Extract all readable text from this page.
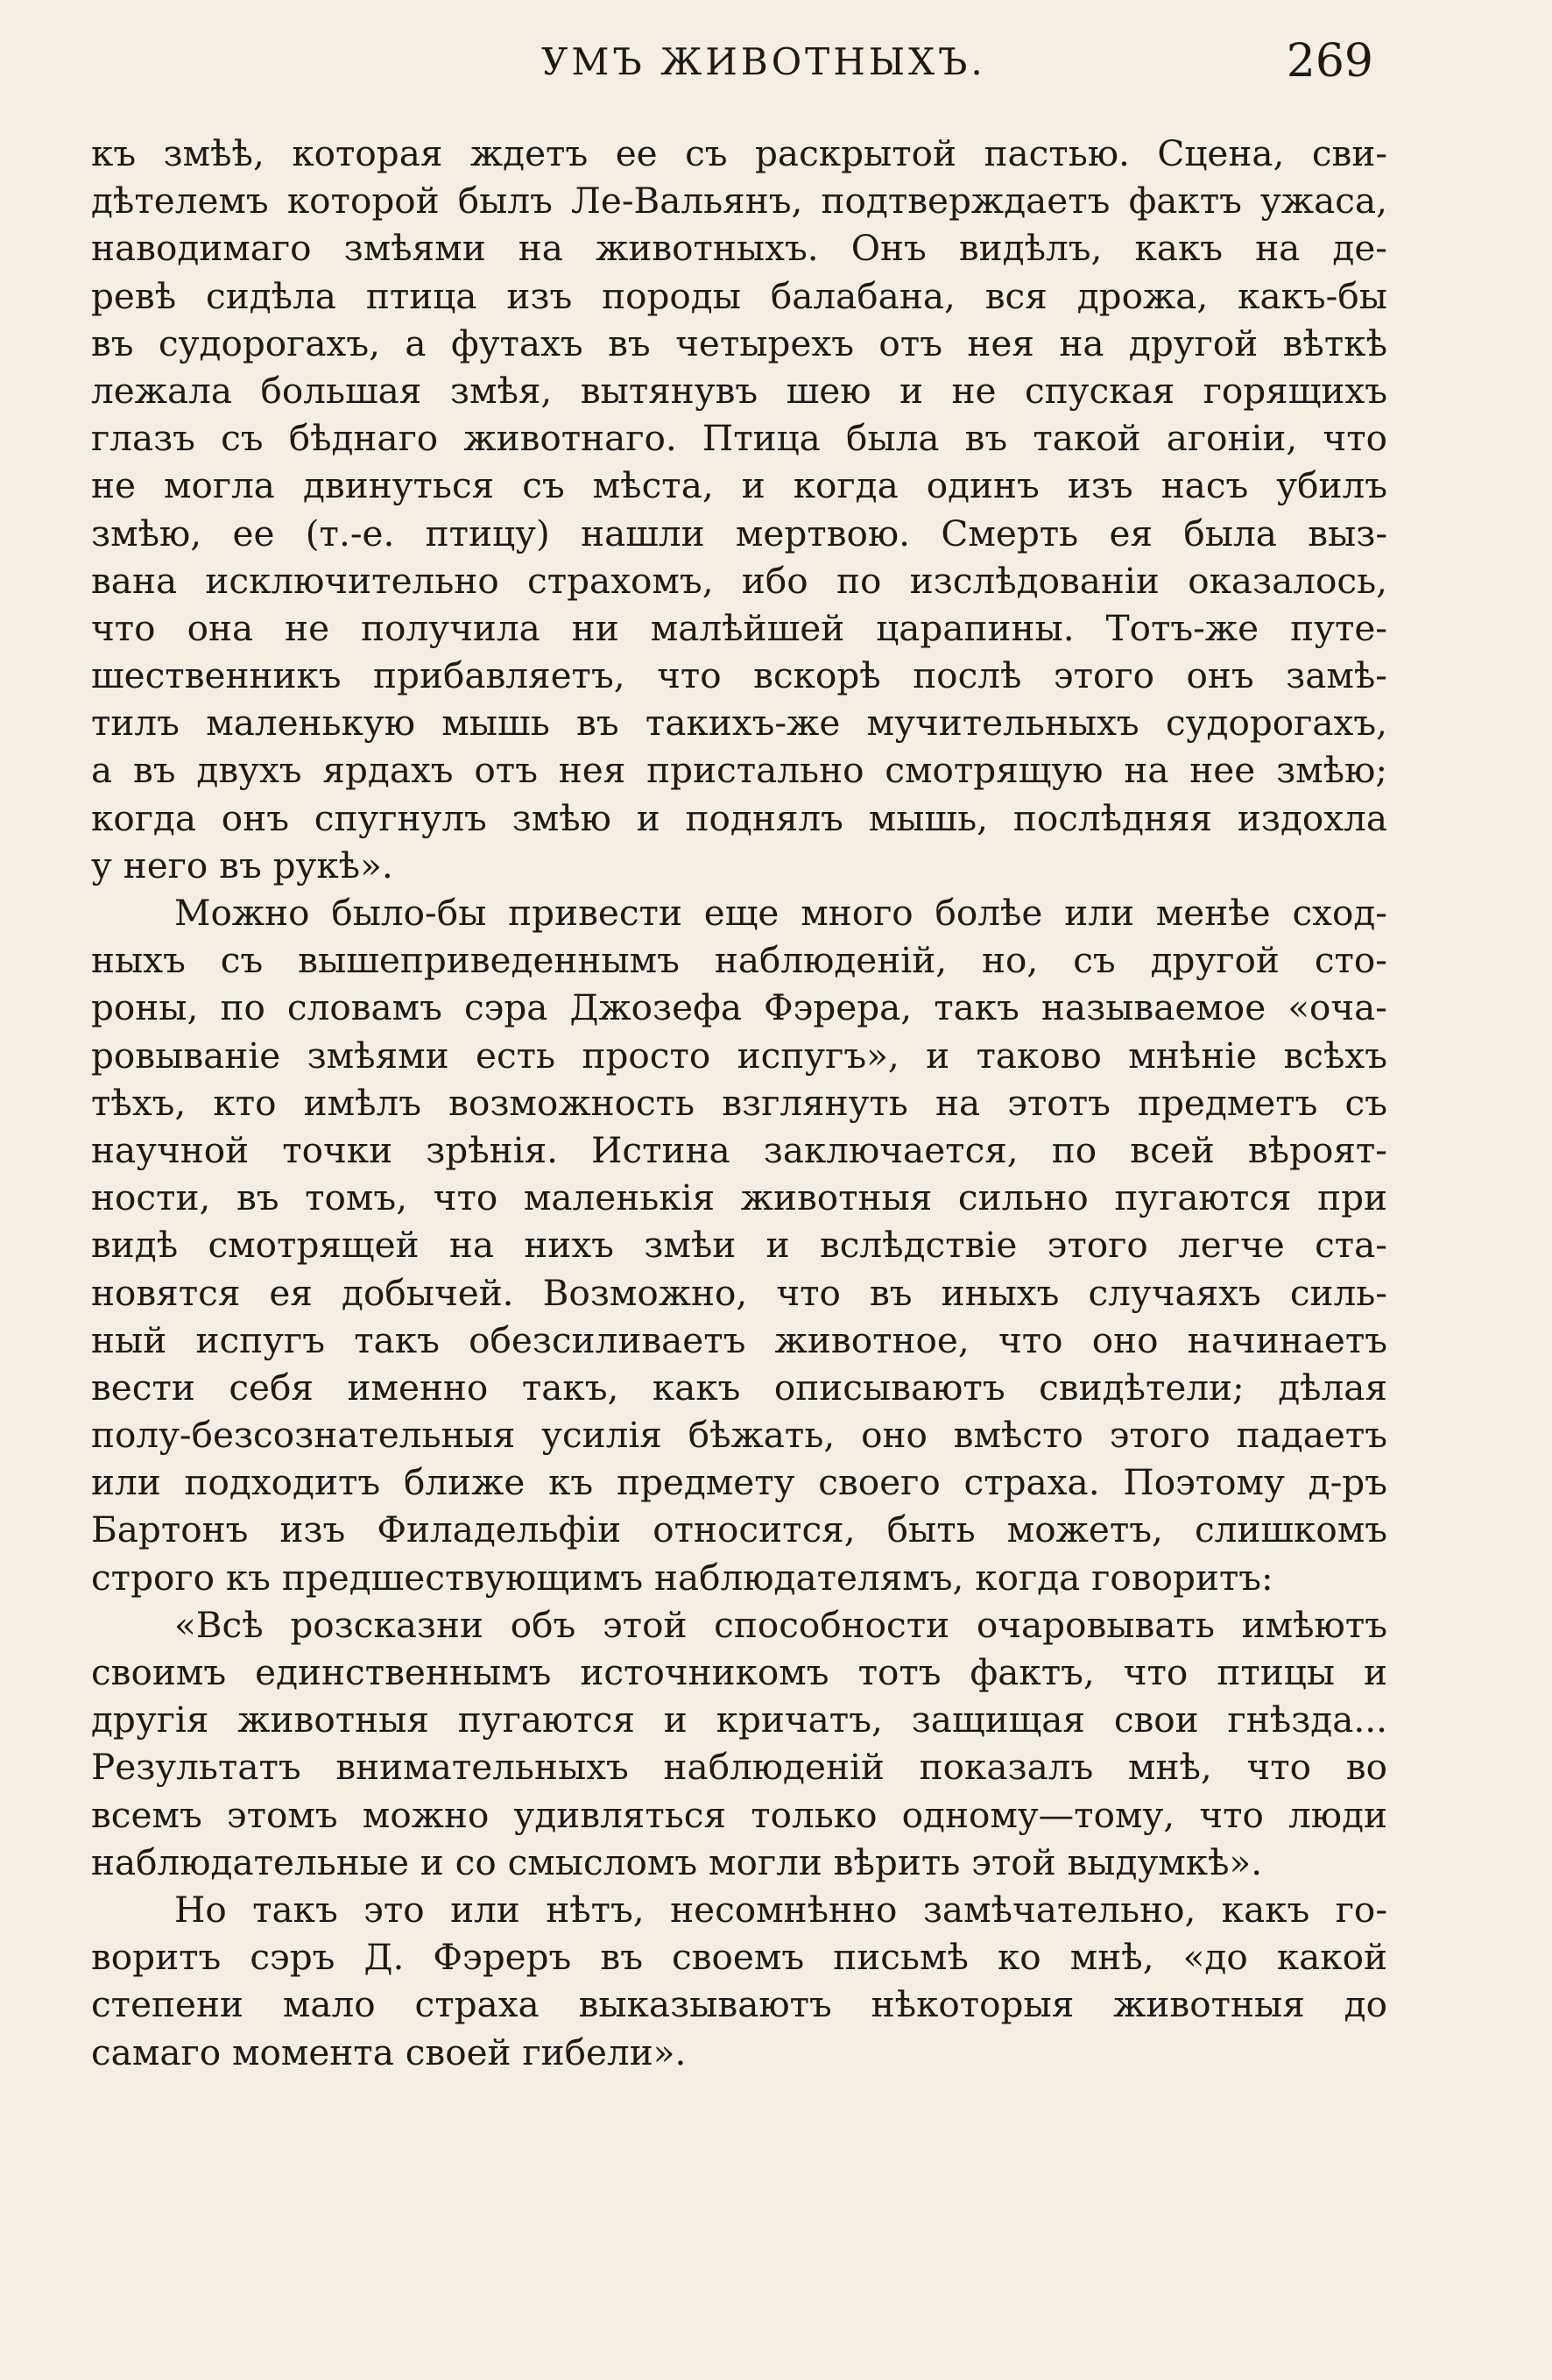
УМЪ ЖИВОТНЫХЪ.	269
къ змѣѣ, которая ждетъ ее съ раскрытой пастью. Сцена, сви-
дѣтелемъ которой былъ Ле-Вальянъ, подтверждаетъ фактъ ужаса,
наводимаго змѣями на животныхъ. Онъ видѣлъ, какъ на де-
ревѣ сидѣла птица изъ породы балабана, вся дрожа, какъ-бы
въ судорогахъ, а футахъ въ четырехъ отъ нея на другой вѣткѣ
лежала большая змѣя, вытянувъ шею и не спуская горящихъ
глазъ съ бѣднаго животнаго. Птица была въ такой агоніи, что
не могла двинуться съ мѣста, и когда одинъ изъ насъ убилъ
змѣю, ее (т.-е. птицу) нашли мертвою. Смерть ея была выз-
вана исключительно страхомъ, ибо по изслѣдованіи оказалось,
что она не получила ни малѣйшей царапины. Тотъ-же путе-
шественникъ прибавляетъ, что вскорѣ послѣ этого онъ замѣ-
тилъ маленькую мышь въ такихъ-же мучительныхъ судорогахъ,
а въ двухъ ярдахъ отъ нея пристально смотрящую на нее змѣю;
когда онъ спугнулъ змѣю и поднялъ мышь, послѣдняя издохла
у него въ рукѣ».
Можно было-бы привести еще много болѣе или менѣе сход-
ныхъ съ вышеприведеннымъ наблюденій, но, съ другой сто-
роны, по словамъ сэра Джозефа Фэрера, такъ называемое «оча-
ровываніе змѣями есть просто испугъ», и таково мнѣніе всѣхъ
тѣхъ, кто имѣлъ возможность взглянуть на этотъ предметъ съ
научной точки зрѣнія. Истина заключается, по всей вѣроят-
ности, въ томъ, что маленькія животныя сильно пугаются при
видѣ смотрящей на нихъ змѣи и вслѣдствіе этого легче ста-
новятся ея добычей. Возможно, что въ иныхъ случаяхъ силь-
ный испугъ такъ обезсиливаетъ животное, что оно начинаетъ
вести себя именно такъ, какъ описываютъ свидѣтели; дѣлая
полу-безсознательныя усилія бѣжать, оно вмѣсто этого падаетъ
или подходитъ ближе къ предмету своего страха. Поэтому д-ръ
Бартонъ изъ Филадельфіи относится, быть можетъ, слишкомъ
строго къ предшествующимъ наблюдателямъ, когда говоритъ:
«Всѣ розсказни объ этой способности очаровывать имѣютъ
своимъ единственнымъ источникомъ тотъ фактъ, что птицы и
другія животныя пугаются и кричатъ, защищая свои гнѣзда...
Результатъ внимательныхъ наблюденій показалъ мнѣ, что во
всемъ этомъ можно удивляться только одному—тому, что люди
наблюдательные и со смысломъ могли вѣрить этой выдумкѣ».
Но такъ это или нѣтъ, несомнѣнно замѣчательно, какъ го-
воритъ сэръ Д. Фэреръ въ своемъ письмѣ ко мнѣ, «до какой
степени мало страха выказываютъ нѣкоторыя животныя до
самаго момента своей гибели».
